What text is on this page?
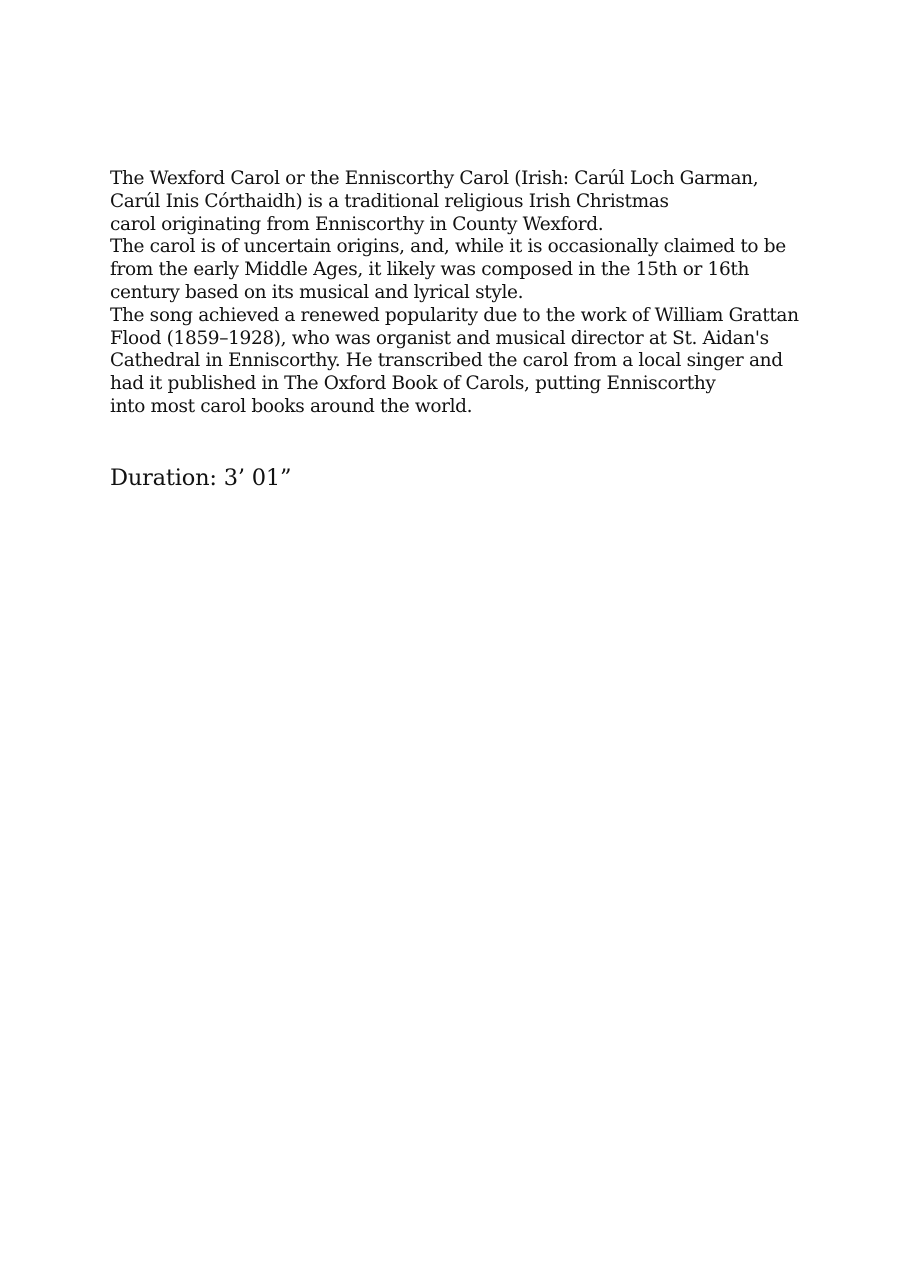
The Wexford Carol or the Enniscorthy Carol (Irish: Carúl Loch Garman,
Carúl Inis Córthaidh) is a traditional religious Irish Christmas
carol originating from Enniscorthy in County Wexford.

The carol is of uncertain origins, and, while it is occasionally claimed to be
from the early Middle Ages, it likely was composed in the 15th or 16th
century based on its musical and lyrical style.

The song achieved a renewed popularity due to the work of William Grattan
Flood (1859–1928), who was organist and musical director at St. Aidan's
Cathedral in Enniscorthy. He transcribed the carol from a local singer and
had it published in The Oxford Book of Carols, putting Enniscorthy
into most carol books around the world.

Duration: 3’ 01”
